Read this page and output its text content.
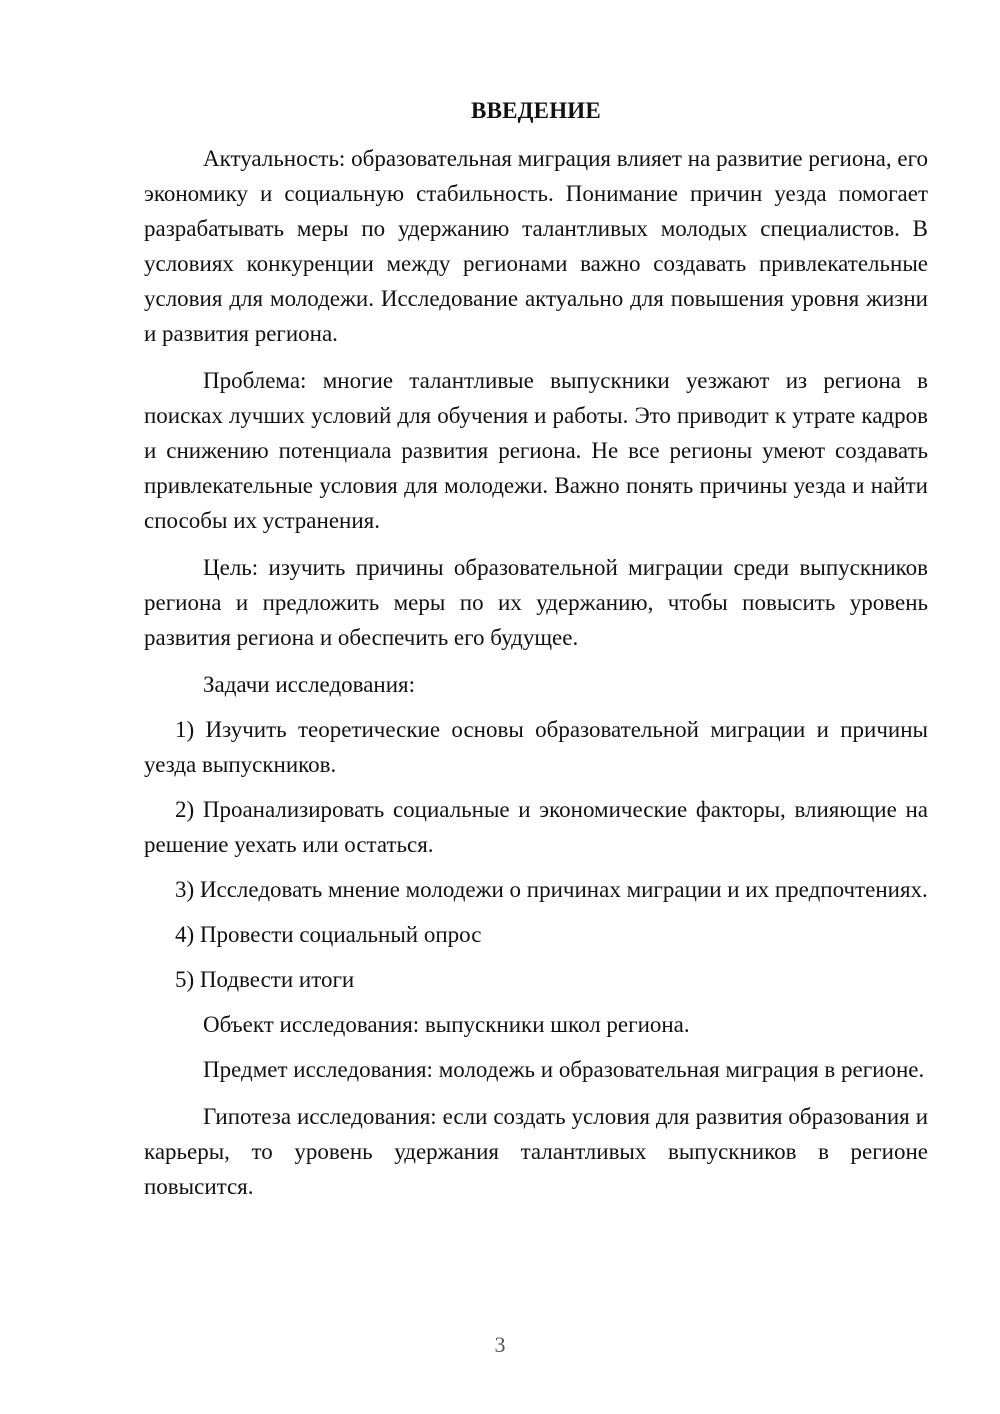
ВВЕДЕНИЕ

Актуальность: образовательная миграция влияет на развитие региона, его экономику и социальную стабильность. Понимание причин уезда помогает разрабатывать меры по удержанию талантливых молодых специалистов. В условиях конкуренции между регионами важно создавать привлекательные условия для молодежи. Исследование актуально для повышения уровня жизни и развития региона.

Проблема: многие талантливые выпускники уезжают из региона в поисках лучших условий для обучения и работы. Это приводит к утрате кадров и снижению потенциала развития региона. Не все регионы умеют создавать привлекательные условия для молодежи. Важно понять причины уезда и найти способы их устранения.

Цель: изучить причины образовательной миграции среди выпускников региона и предложить меры по их удержанию, чтобы повысить уровень развития региона и обеспечить его будущее.

Задачи исследования:

1) Изучить теоретические основы образовательной миграции и причины уезда выпускников.

2) Проанализировать социальные и экономические факторы, влияющие на решение уехать или остаться.

3) Исследовать мнение молодежи о причинах миграции и их предпочтениях.

4) Провести социальный опрос

5) Подвести итоги

Объект исследования: выпускники школ региона.

Предмет исследования: молодежь и образовательная миграция в регионе.

Гипотеза исследования: если создать условия для развития образования и карьеры, то уровень удержания талантливых выпускников в регионе повысится.

3
